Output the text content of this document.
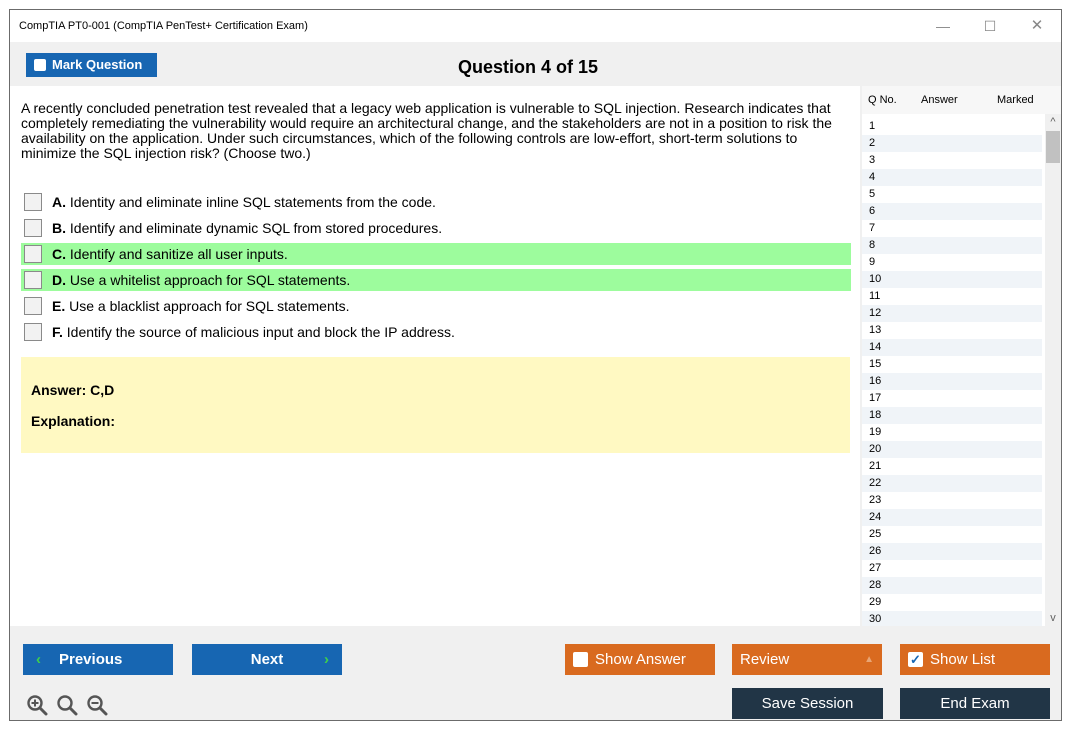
CompTIA PT0-001 (CompTIA PenTest+ Certification Exam)	—	☐	✕
Mark Question	Question 4 of 15
A recently concluded penetration test revealed that a legacy web application is vulnerable to SQL injection. Research indicates that completely remediating the vulnerability would require an architectural change, and the stakeholders are not in a position to risk the availability on the application. Under such circumstances, which of the following controls are low-effort, short-term solutions to minimize the SQL injection risk? (Choose two.)
A. Identity and eliminate inline SQL statements from the code.
B. Identify and eliminate dynamic SQL from stored procedures.
C. Identify and sanitize all user inputs.
D. Use a whitelist approach for SQL statements.
E. Use a blacklist approach for SQL statements.
F. Identify the source of malicious input and block the IP address.
Answer: C,D
Explanation:
Q No. Answer	Marked
1
2
3
4
5
6
7
8
9
10
11
12
13
14
15
16
17
18
19
20
21
22
23
24
25
26
27
28
29
30
^
v
‹ Previous	Next	›	Show Answer	Review	▲	✓ Show List
Save Session	End Exam
